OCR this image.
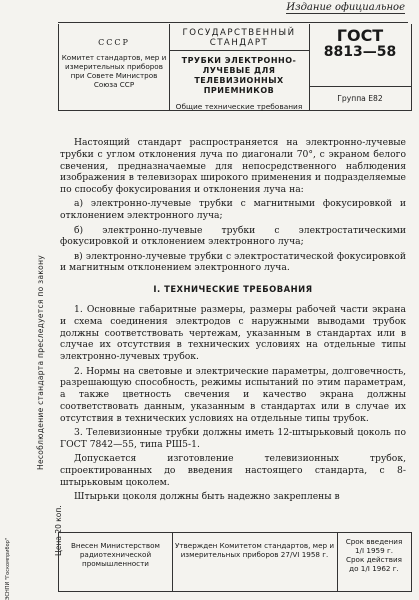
Издание официальное
СССР
Комитет стандартов, мер и измерительных приборов при Совете Министров Союза ССР
ГОСУДАРСТВЕННЫЙ СТАНДАРТ
ТРУБКИ ЭЛЕКТРОННО-ЛУЧЕВЫЕ ДЛЯ ТЕЛЕВИЗИОННЫХ ПРИЕМНИКОВ
Общие технические требования
ГОСТ
8813—58
Группа Е82
Несоблюдение стандарта преследуется по закону
Цена 20 коп.
ЭСНПИ "Госкомприбор"

Настоящий стандарт распространяется на электронно-лучевые трубки с углом отклонения луча по диагонали 70°, с экраном белого свечения, предназначаемые для непосредственного наблюдения изображения в телевизорах широкого применения и подразделяемые по способу фокусирования и отклонения луча на:

а) электронно-лучевые трубки с магнитными фокусировкой и отклонением электронного луча;

б) электронно-лучевые трубки с электростатическими фокусировкой и отклонением электронного луча;

в) электронно-лучевые трубки с электростатической фокусировкой и магнитным отклонением электронного луча.

I. ТЕХНИЧЕСКИЕ ТРЕБОВАНИЯ

1. Основные габаритные размеры, размеры рабочей части экрана и схема соединения электродов с наружными выводами трубок должны соответствовать чертежам, указанным в стандартах или в случае их отсутствия в технических условиях на отдельные типы электронно-лучевых трубок.

2. Нормы на световые и электрические параметры, долговечность, разрешающую способность, режимы испытаний по этим параметрам, а также цветность свечения и качество экрана должны соответствовать данным, указанным в стандартах или в случае их отсутствия в технических условиях на отдельные типы трубок.

3. Телевизионные трубки должны иметь 12-штырьковый цоколь по ГОСТ 7842—55, типа РШ5-1.

Допускается изготовление телевизионных трубок, спроектированных до введения настоящего стандарта, с 8-штырьковым цоколем.

Штырьки цоколя должны быть надежно закреплены в

Внесен Министерством радиотехнической промышленности
Утвержден Комитетом стандартов, мер и измерительных приборов 27/VI 1958 г.
Срок введения
1/I 1959 г.
Срок действия
до 1/I 1962 г.
